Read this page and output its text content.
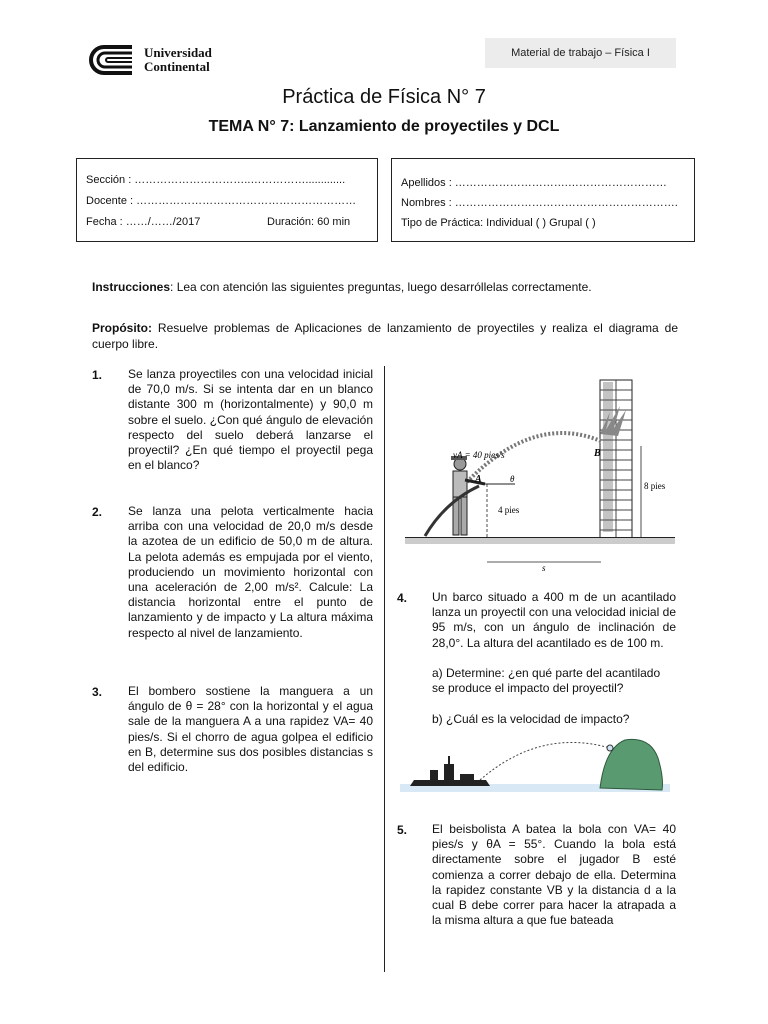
Universidad
Continental
Material de trabajo – Física I
Práctica de Física N° 7
TEMA N° 7: Lanzamiento de proyectiles y DCL
Sección : …………………………..…………….............
Docente : ……………………………………………………
Fecha : ……/……/2017	Duración: 60 min
Apellidos : ………………………….………………………
Nombres : …………………………………………………….
Tipo de Práctica: Individual ( ) Grupal ( )
Instrucciones: Lea con atención las siguientes preguntas, luego desarróllelas correctamente.
Propósito: Resuelve problemas de Aplicaciones de lanzamiento de proyectiles y realiza el diagrama de cuerpo libre.
1. Se lanza proyectiles con una velocidad inicial de 70,0 m/s. Si se intenta dar en un blanco distante 300 m (horizontalmente) y 90,0 m sobre el suelo. ¿Con qué ángulo de elevación respecto del suelo deberá lanzarse el proyectil? ¿En qué tiempo el proyectil pega en el blanco?
2. Se lanza una pelota verticalmente hacia arriba con una velocidad de 20,0 m/s desde la azotea de un edificio de 50,0 m de altura. La pelota además es empujada por el viento, produciendo un movimiento horizontal con una aceleración de 2,00 m/s². Calcule: La distancia horizontal entre el punto de lanzamiento y de impacto y La altura máxima respecto al nivel de lanzamiento.
3. El bombero sostiene la manguera a un ángulo de θ = 28° con la horizontal y el agua sale de la manguera A a una rapidez VA= 40 pies/s. Si el chorro de agua golpea el edificio en B, determine sus dos posibles distancias s del edificio.
vA = 40 pies/s
A
B
θ
4 pies
8 pies
s
4. Un barco situado a 400 m de un acantilado lanza un proyectil con una velocidad inicial de 95 m/s, con un ángulo de inclinación de 28,0°. La altura del acantilado es de 100 m.
a) Determine: ¿en qué parte del acantilado se produce el impacto del proyectil?
b) ¿Cuál es la velocidad de impacto?
5. El beisbolista A batea la bola con VA= 40 pies/s y θA = 55°. Cuando la bola está directamente sobre el jugador B esté comienza a correr debajo de ella. Determina la rapidez constante VB y la distancia d a la cual B debe correr para hacer la atrapada a la misma altura a que fue bateada
